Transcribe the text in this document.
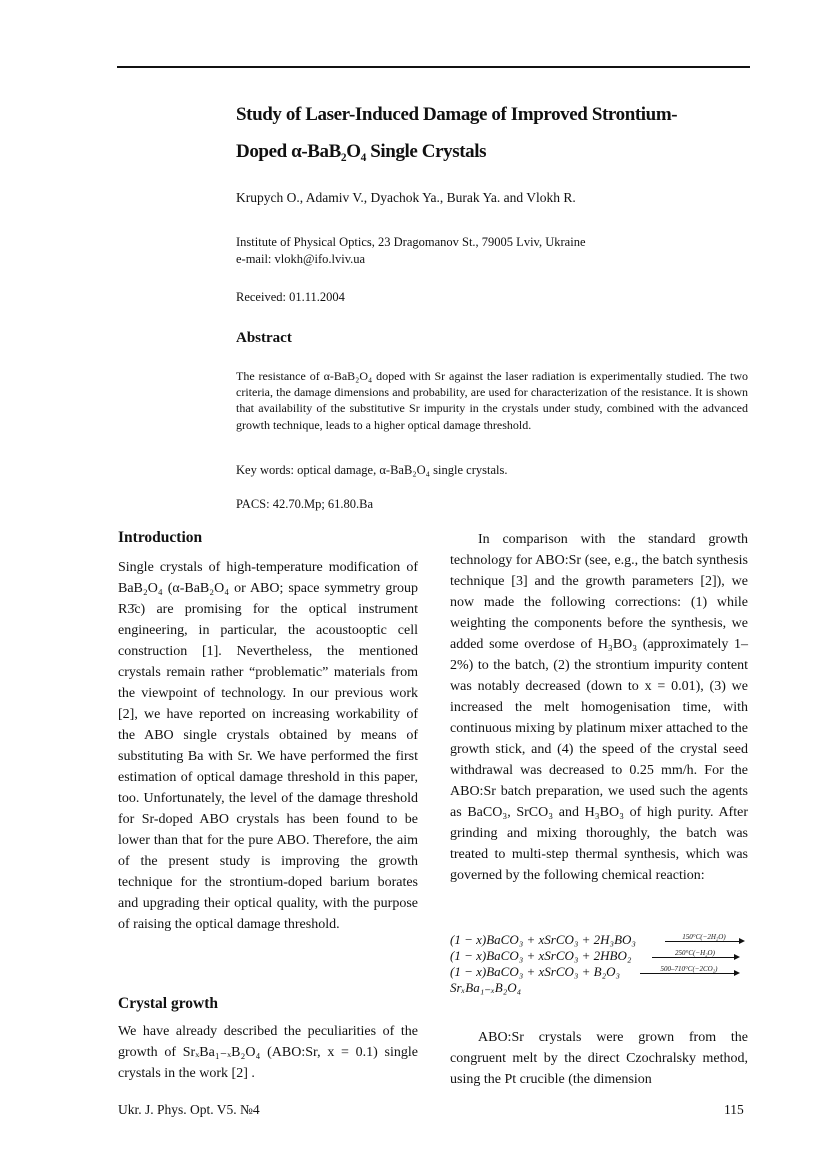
Study of Laser-Induced Damage of Improved Strontium-
Doped α-BaB₂O₄ Single Crystals
Krupych O., Adamiv V., Dyachok Ya., Burak Ya. and Vlokh R.
Institute of Physical Optics, 23 Dragomanov St., 79005 Lviv, Ukraine
e-mail: vlokh@ifo.lviv.ua
Received: 01.11.2004
Abstract

The resistance of α-BaB₂O₄ doped with Sr against the laser radiation is experimentally studied. The two criteria, the damage dimensions and probability, are used for characterization of the resistance. It is shown that availability of the substitutive Sr impurity in the crystals under study, combined with the advanced growth technique, leads to a higher optical damage threshold.

Key words: optical damage, α-BaB₂O₄ single crystals.
PACS: 42.70.Mp; 61.80.Ba
Introduction

Single crystals of high-temperature modification of BaB₂O₄ (α-BaB₂O₄ or ABO; space symmetry group R3̄c) are promising for the optical instrument engineering, in particular, the acoustooptic cell construction [1]. Nevertheless, the mentioned crystals remain rather “problematic” materials from the viewpoint of technology. In our previous work [2], we have reported on increasing workability of the ABO single crystals obtained by means of substituting Ba with Sr. We have performed the first estimation of optical damage threshold in this paper, too. Unfortunately, the level of the damage threshold for Sr-doped ABO crystals has been found to be lower than that for the pure ABO. Therefore, the aim of the present study is improving the growth technique for the strontium-doped barium borates and upgrading their optical quality, with the purpose of raising the optical damage threshold.

Crystal growth

We have already described the peculiarities of the growth of SrₓBa₁₋ₓB₂O₄ (ABO:Sr, x = 0.1) single crystals in the work [2] .

In comparison with the standard growth technology for ABO:Sr (see, e.g., the batch synthesis technique [3] and the growth parameters [2]), we now made the following corrections: (1) while weighting the components before the synthesis, we added some overdose of H₃BO₃ (approximately 1–2%) to the batch, (2) the strontium impurity content was notably decreased (down to x = 0.01), (3) we increased the melt homogenisation time, with continuous mixing by platinum mixer attached to the growth stick, and (4) the speed of the crystal seed withdrawal was decreased to 0.25 mm/h. For the ABO:Sr batch preparation, we used such the agents as BaCO₃, SrCO₃ and H₃BO₃ of high purity. After grinding and mixing thoroughly, the batch was treated to multi-step thermal synthesis, which was governed by the following chemical reaction:

(1 − x)BaCO₃ + xSrCO₃ + 2H₃BO₃	150°C(−2H₂O)
(1 − x)BaCO₃ + xSrCO₃ + 2HBO₂	250°C(−H₂O)
(1 − x)BaCO₃ + xSrCO₃ + B₂O₃	500–710°C(−2CO₂)
SrₓBa₁₋ₓB₂O₄

ABO:Sr crystals were grown from the congruent melt by the direct Czochralsky method, using the Pt crucible (the dimension

Ukr. J. Phys. Opt. V5. №4	115
